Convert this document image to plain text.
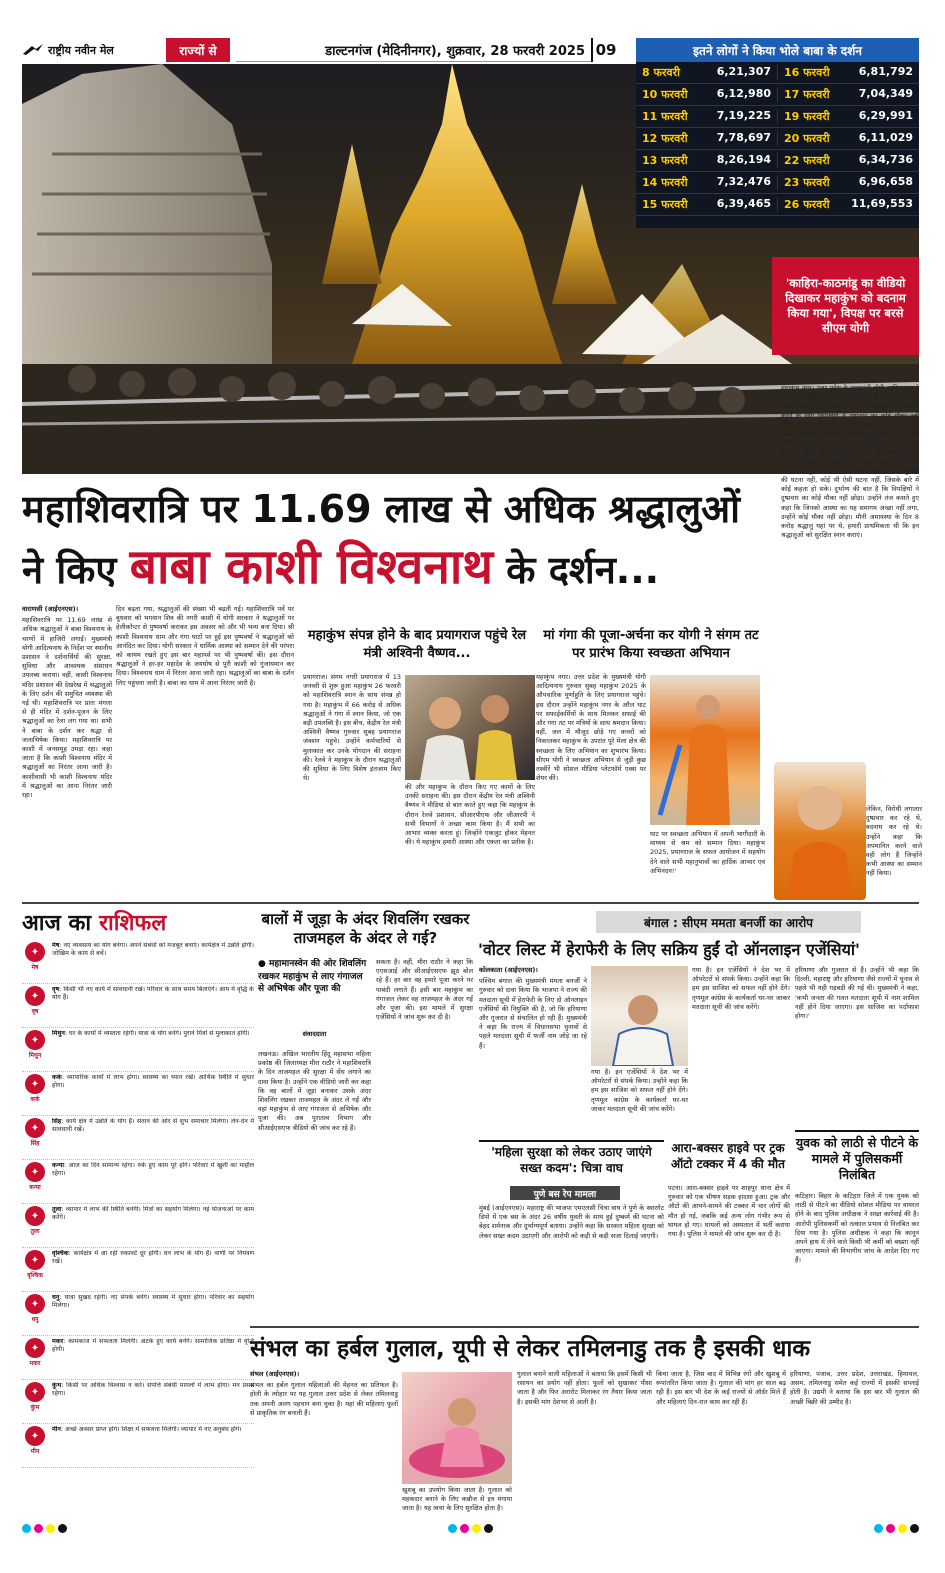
राष्ट्रीय नवीन मेल	राज्यों से	डाल्टनगंज (मेदिनीनगर), शुक्रवार, 28 फरवरी 2025 09	इतने लोगों ने किया भोले बाबा के दर्शन
8 फरवरी	6,21,307 16 फरवरी	6,81,792
10 फरवरी	6,12,980 17 फरवरी	7,04,349
11 फरवरी	7,19,225 19 फरवरी	6,29,991
12 फरवरी	7,78,697 20 फरवरी	6,11,029
13 फरवरी	8,26,194 22 फरवरी	6,34,736
14 फरवरी	7,32,476 23 फरवरी	6,96,658
15 फरवरी	6,39,465 26 फरवरी 11,69,553
'काहिरा-काठमांडू का वीडियो दिखाकर महाकुंभ को बदनाम किया गया', विपक्ष पर बरसे सीएम योगी

महाकुंभ नगर। उत्तर प्रदेश के मुख्यमंत्री योगी आदित्यनाथ ने प्रयागराज महाकुंभ-2025 के समापन के बाद 'विपक्ष' पर जमकर प्रहार किया। उन्होंने कहा कि महाकुंभ को बदनाम करने के लिए विपक्षियों ने दुष्प्रचार का कोई मौका नहीं छोड़ा। कोई काहिरा की तो कोई काठमांडू की घटना का वीडियो दिखाकर प्रयागराज को बदनाम करता रहा। सीएम योगी ने कहा कि आस्था का इतना विशाल समागम दुनिया के अंदर कभी नहीं हुआ। 66 करोड़ 30 लाख श्रद्धालु, किसी आयोजन का हिस्सा बने और कोई अपहरण की घटना नहीं, कोई लूट की घटना नहीं, कोई छेड़छाड़, कोई दुष्कर्म की घटना नहीं, कोई भी ऐसी घटना नहीं, जिसके बारे में कोई कहता हो सके। दुर्भाग्य की बात है कि विपक्षियों ने दुष्प्रचार का कोई मौका नहीं छोड़ा। उन्होंने तंज कसते हुए कहा कि जिनको आस्था का यह समागम अच्छा नहीं लगा, उन्होंने कोई मौका नहीं छोड़ा। मौनी अमावस्या के दिन 8 करोड़ श्रद्धालु यहां पर थे, हमारी प्राथमिकता थी कि इन श्रद्धालुओं को सुरक्षित स्नान कराएं।

लेकिन, विरोधी लगातार दुष्प्रचार कर रहे थे, बदनाम कर रहे थे। उन्होंने कहा कि अपमानित करने वाले वही लोग हैं जिन्होंने कभी आस्था का सम्मान नहीं किया।

महाशिवरात्रि पर 11.69 लाख से अधिक श्रद्धालुओं
ने किए बाबा काशी विश्वनाथ के दर्शन...

वाराणसी (आईएनएस)।

महाशिवरात्रि पर 11.69 लाख से अधिक श्रद्धालुओं ने बाबा विश्वनाथ के चरणों में हाजिरी लगाई। मुख्यमंत्री योगी आदित्यनाथ के निर्देश पर स्थानीय प्रशासन ने दर्शनार्थियों की सुरक्षा, सुविधा और आवश्यक संसाधन उपलब्ध कराया। वहीं, काशी विश्वनाथ मंदिर प्रशासन की देखरेख में श्रद्धालुओं के लिए दर्शन की समुचित व्यवस्था की गई थी। महाशिवरात्रि पर प्रातः मंगला से ही मंदिर में दर्शन-पूजन के लिए श्रद्धालुओं का रेला लग गया था। सभी ने बाबा के दर्शन कर श्रद्धा से जलाभिषेक किया। महाशिवरात्रि पर काशी में जनसमूह उमड़ा रहा। कहा जाता है कि काशी विश्वनाथ मंदिर में श्रद्धालुओं का निरंतर आना जारी है। काशीवासी भी काशी विश्वनाथ मंदिर में श्रद्धालुओं का आना निरंतर जारी रहा।

दिन बढ़ता गया, श्रद्धालुओं की संख्या भी बढ़ती गई। महाशिवरात्रि पर्व पर बुधवार को भगवान शिव की नगरी काशी में योगी सरकार ने श्रद्धालुओं पर हेलीकॉप्टर से पुष्पवर्षा कराकर इस अवसर को और भी भव्य बना दिया। श्री काशी विश्वनाथ धाम और गंगा घाटों पर हुई इस पुष्पवर्षा ने श्रद्धालुओं को आनंदित कर दिया। योगी सरकार ने धार्मिक आस्था को सम्मान देने की परंपरा को कायम रखते हुए इस बार महापर्व पर भी पुष्पवर्षा की। इस दौरान श्रद्धालुओं ने हर-हर महादेव के जयघोष से पूरी काशी को गुंजायमान कर दिया। विश्वनाथ धाम में निरंतर आना जारी रहा। श्रद्धालुओं का बाबा के दर्शन लिए पहुंचना जारी है। बाबा का धाम में आना निरंतर जारी है।

महाकुंभ संपन्न होने के बाद प्रयागराज पहुंचे रेल मंत्री अश्विनी वैष्णव...

प्रयागराज। संगम नगरी प्रयागराज में 13 जनवरी से शुरू हुआ महाकुंभ 26 फरवरी को महाशिवरात्रि स्नान के साथ संपन्न हो गया है। महाकुंभ में 66 करोड़ से अधिक श्रद्धालुओं ने गंगा में स्नान किया, जो एक बड़ी उपलब्धि है। इस बीच, केंद्रीय रेल मंत्री अश्विनी वैष्णव गुरुवार सुबह प्रयागराज जंक्शन पहुंचे। उन्होंने कर्मचारियों से मुलाकात कर उनके योगदान की सराहना की। रेलवे ने महाकुंभ के दौरान श्रद्धालुओं की सुविधा के लिए विशेष इंतजाम किए थे।

की और महाकुंभ के दौरान किए गए कामों के लिए उनकी सराहना की। इस दौरान केंद्रीय रेल मंत्री अश्विनी वैष्णव ने मीडिया से बात करते हुए कहा कि महाकुंभ के दौरान रेलवे प्रशासन, सीआरपीएफ और जीआरपी ने सभी विभागों ने अच्छा काम किया है। मैं सभी का आभार व्यक्त करता हूं। जिन्होंने एकजुट होकर मेहनत की। ये महाकुंभ हमारी आस्था और एकता का प्रतीक है।

मां गंगा की पूजा-अर्चना कर योगी ने संगम तट पर प्रारंभ किया स्वच्छता अभियान

महाकुंभ नगर। उत्तर प्रदेश के मुख्यमंत्री योगी आदित्यनाथ गुरुवार सुबह महाकुंभ 2025 के औपचारिक पूर्णाहुति के लिए प्रयागराज पहुंचे। इस दौरान उन्होंने महाकुंभ नगर के अरैल घाट पर सफाईकर्मियों के साथ मिलकर सफाई की और गंगा तट पर मंत्रियों के साथ श्रमदान किया। वहीं, जल में मौजूद छोड़े गए कचरों को निकालकर महाकुंभ के उपरांत पूरे मेला क्षेत्र की स्वच्छता के लिए अभियान का शुभारंभ किया। सीएम योगी ने स्वच्छता अभियान से जुड़ी कुछ तस्वीरें भी सोशल मीडिया प्लेटफॉर्म एक्स पर शेयर कीं।

घाट पर स्वच्छता अभियान में अपनी भागीदारी के माध्यम से श्रम को सम्मान दिया। महाकुंभ 2025, प्रयागराज के सफल आयोजन में सहयोग देने वाले सभी महानुभावों का हार्दिक आभार एवं अभिनंदन!'

आज का राशिफल
✦
मेष
मेष: नए व्यवसाय का योग बनेगा। अपने संबंधों को मजबूत बनाएं। कार्यक्षेत्र में उन्नति होगी। जोखिम के काम से बचें।
✦
वृष
वृष: किसी भी नए कार्य में सावधानी रखें। परिवार के साथ समय बिताएंगे। आय में वृद्धि के योग हैं।
✦
मिथुन
मिथुन: घर के कार्यों में व्यस्तता रहेगी। यात्रा के योग बनेंगे। पुराने मित्रों से मुलाकात होगी।
✦
कर्क
कर्क: व्यापारिक कार्यों में लाभ होगा। स्वास्थ्य का ध्यान रखें। आर्थिक स्थिति में सुधार होगा।
✦
सिंह
सिंह: कार्य क्षेत्र में उन्नति के योग हैं। संतान की ओर से शुभ समाचार मिलेगा। लेन-देन में सावधानी रखें।
✦
कन्या
कन्या: आज का दिन सामान्य रहेगा। रुके हुए काम पूरे होंगे। परिवार में खुशी का माहौल रहेगा।
✦
तुला
तुला: व्यापार में लाभ की स्थिति बनेगी। मित्रों का सहयोग मिलेगा। नई योजनाओं पर काम करेंगे।
✦
वृश्चिक
वृश्चिक: कार्यक्षेत्र में आ रही रुकावटें दूर होंगी। धन लाभ के योग हैं। वाणी पर नियंत्रण रखें।
✦
धनु
धनु: यात्रा सुखद रहेगी। नए संपर्क बनेंगे। स्वास्थ्य में सुधार होगा। परिवार का सहयोग मिलेगा।
✦
मकर
मकर: कामकाज में सफलता मिलेगी। अटके हुए कार्य बनेंगे। सामाजिक प्रतिष्ठा में वृद्धि होगी।
✦
कुंभ
कुंभ: किसी पर अधिक विश्वास न करें। संपत्ति संबंधी मामलों में लाभ होगा। मन प्रसन्न रहेगा।
✦
मीन
मीन: अच्छे अवसर प्राप्त होंगे। शिक्षा में सफलता मिलेगी। व्यापार में नए अनुबंध होंगे।
बालों में जूड़ा के अंदर शिवलिंग रखकर ताजमहल के अंदर ले गई?
● महामानस्वेन की ओर शिवलिंग रखकर महाकुंभ से लाए गंगाजल से अभिषेक और पूजा की

संवाददाता

लखनऊ। अखिल भारतीय हिंदू महासभा महिला प्रकोष्ठ की जिलाध्यक्ष मीरा राठौर ने महाशिवरात्रि के दिन ताजमहल की सुरक्षा में सेंध लगाने का दावा किया है। उन्होंने एक वीडियो जारी कर कहा कि वह बालों में जूड़ा बनाकर उसके अंदर शिवलिंग रखकर ताजमहल के अंदर ले गईं और वहां महाकुंभ से लाए गंगाजल से अभिषेक और पूजा की। अब पुरातत्व विभाग और सीआईएसएफ वीडियो की जांच कर रहे हैं।

सकता है। वहीं, मीरा राठौर ने कहा कि एएसआई और सीआईएसएफ झूठ बोल रहे हैं। हर बार वह हमारे पूजा करने पर पाबंदी लगाते हैं। इसी बार महाकुंभ का गंगाजल लेकर वह ताजमहल के अंदर गईं और पूजा की। इस मामले में सुरक्षा एजेंसियों ने जांच शुरू कर दी है।

बंगाल : सीएम ममता बनर्जी का आरोप
'वोटर लिस्ट में हेराफेरी के लिए सक्रिय हुईं दो ऑनलाइन एजेंसियां'

कोलकाता (आईएनएस)।

पश्चिम बंगाल की मुख्यमंत्री ममता बनर्जी ने गुरुवार को दावा किया कि भाजपा ने राज्य की मतदाता सूची में हेराफेरी के लिए दो ऑनलाइन एजेंसियों की नियुक्ति की है, जो कि हरियाणा और गुजरात से संचालित हो रही हैं। मुख्यमंत्री ने कहा कि राज्य में विधानसभा चुनावों से पहले मतदाता सूची में फर्जी नाम जोड़े जा रहे हैं।

गया है। इन एजेंसियों ने देश भर में ऑपरेटरों से संपर्क किया। उन्होंने कहा कि हम इस साजिश को सफल नहीं होने देंगे। तृणमूल कांग्रेस के कार्यकर्ता घर-घर जाकर मतदाता सूची की जांच करेंगे।

गया है। इन एजेंसियों ने देश भर में ऑपरेटरों से संपर्क किया। उन्होंने कहा कि हम इस साजिश को सफल नहीं होने देंगे। तृणमूल कांग्रेस के कार्यकर्ता घर-घर जाकर मतदाता सूची की जांच करेंगे।

हरियाणा और गुजरात से हैं। उन्होंने भी कहा कि दिल्ली, महाराष्ट्र और हरियाणा जैसे राज्यों में चुनाव से पहले भी यही गड़बड़ी की गई थी। मुख्यमंत्री ने कहा, 'कभी जनता की गलत मतदाता सूची में नाम शामिल नहीं होने दिया जाएगा। इस साजिश का पर्दाफाश होगा।'

'महिला सुरक्षा को लेकर उठाए जाएंगे सख्त कदम': चित्रा वाघ
पुणे बस रेप मामला

मुंबई (आईएनएस)। महाराष्ट्र की भाजपा एमएलसी चित्रा वाघ ने पुणे के स्वारगेट डिपो में एक बस के अंदर 26 वर्षीय युवती के साथ हुई दुष्कर्म की घटना को बेहद शर्मनाक और दुर्भाग्यपूर्ण बताया। उन्होंने कहा कि सरकार महिला सुरक्षा को लेकर सख्त कदम उठाएगी और आरोपी को कड़ी से कड़ी सजा दिलाई जाएगी।

आरा-बक्सर हाइवे पर ट्रक ऑटो टक्कर में 4 की मौत

पटना। आरा-बक्सर हाइवे पर शाहपुर थाना क्षेत्र में गुरुवार को एक भीषण सड़क हादसा हुआ। ट्रक और ऑटो की आमने-सामने की टक्कर में चार लोगों की मौत हो गई, जबकि कई अन्य लोग गंभीर रूप से घायल हो गए। घायलों को अस्पताल में भर्ती कराया गया है। पुलिस ने मामले की जांच शुरू कर दी है।

युवक को लाठी से पीटने के मामले में पुलिसकर्मी निलंबित

कटिहार। बिहार के कटिहार जिले में एक युवक को लाठी से पीटने का वीडियो सोशल मीडिया पर वायरल होने के बाद पुलिस अधीक्षक ने सख्त कार्रवाई की है। आरोपी पुलिसकर्मी को तत्काल प्रभाव से निलंबित कर दिया गया है। पुलिस अधीक्षक ने कहा कि कानून अपने हाथ में लेने वाले किसी भी कर्मी को बख्शा नहीं जाएगा। मामले की विभागीय जांच के आदेश दिए गए हैं।

संभल का हर्बल गुलाल, यूपी से लेकर तमिलनाडु तक है इसकी धाक

संभल (आईएनएस)।

संभल का हर्बल गुलाल महिलाओं की मेहनत का प्रतिफल है। होली के त्योहार पर यह गुलाल उत्तर प्रदेश से लेकर तमिलनाडु तक अपनी अलग पहचान बना चुका है। यहां की महिलाएं फूलों से प्राकृतिक रंग बनाती हैं।

खुशबू का उपयोग किया जाता है। गुलाल को महकदार बनाने के लिए कन्नौज से इत्र मंगाया जाता है। यह त्वचा के लिए सुरक्षित होता है।

गुलाल बनाने वाली महिलाओं ने बताया कि इसमें किसी भी रसायन का प्रयोग नहीं होता। फूलों को सुखाकर पीसा जाता है और फिर अरारोट मिलाकर रंग तैयार किया जाता है। इसकी मांग देशभर से आती है।

किया जाता है, जिस बाद में विभिन्न रंगों और खुशबू में रूपांतरित किया जाता है। गुलाल की मांग हर साल बढ़ रही है। इस बार भी देश के कई राज्यों से ऑर्डर मिले हैं और महिलाएं दिन-रात काम कर रही हैं।

हरियाणा, पंजाब, उत्तर प्रदेश, उत्तराखंड, हिमाचल, असम, तमिलनाडु समेत कई राज्यों में इसकी सप्लाई होती है। उद्यमी ने बताया कि इस बार भी गुलाल की अच्छी बिक्री की उम्मीद है।
